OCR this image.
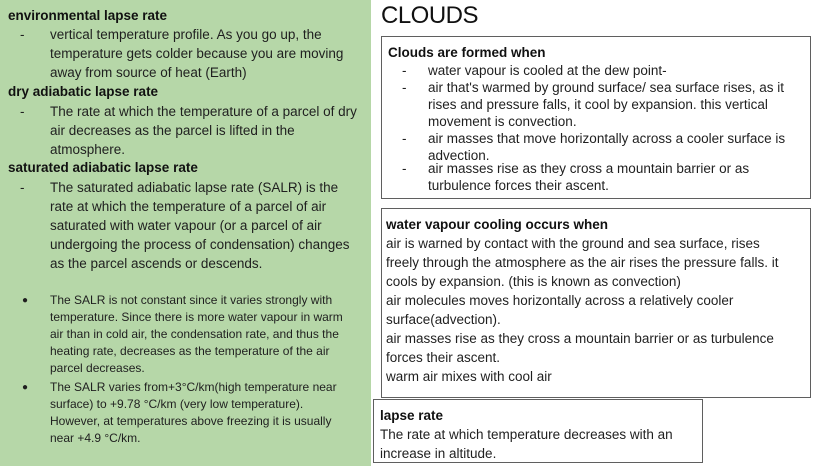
environmental lapse rate
- vertical temperature profile. As you go up, the
temperature gets colder because you are moving
away from source of heat (Earth)
dry adiabatic lapse rate
- The rate at which the temperature of a parcel of dry
air decreases as the parcel is lifted in the
atmosphere.
saturated adiabatic lapse rate
- The saturated adiabatic lapse rate (SALR) is the
rate at which the temperature of a parcel of air
saturated with water vapour (or a parcel of air
undergoing the process of condensation) changes
as the parcel ascends or descends.
● The SALR is not constant since it varies strongly with
temperature. Since there is more water vapour in warm
air than in cold air, the condensation rate, and thus the
heating rate, decreases as the temperature of the air
parcel decreases.
● The SALR varies from+3°C/km(high temperature near
surface) to +9.78 °C/km (very low temperature).
However, at temperatures above freezing it is usually
near +4.9 °C/km.
CLOUDS
Clouds are formed when
- water vapour is cooled at the dew point-
- air that's warmed by ground surface/ sea surface rises, as it
rises and pressure falls, it cool by expansion. this vertical
movement is convection.
- air masses that move horizontally across a cooler surface is
advection.
- air masses rise as they cross a mountain barrier or as
turbulence forces their ascent.
water vapour cooling occurs when
air is warned by contact with the ground and sea surface, rises
freely through the atmosphere as the air rises the pressure falls. it
cools by expansion. (this is known as convection)
air molecules moves horizontally across a relatively cooler
surface(advection).
air masses rise as they cross a mountain barrier or as turbulence
forces their ascent.
warm air mixes with cool air
lapse rate
The rate at which temperature decreases with an
increase in altitude.
